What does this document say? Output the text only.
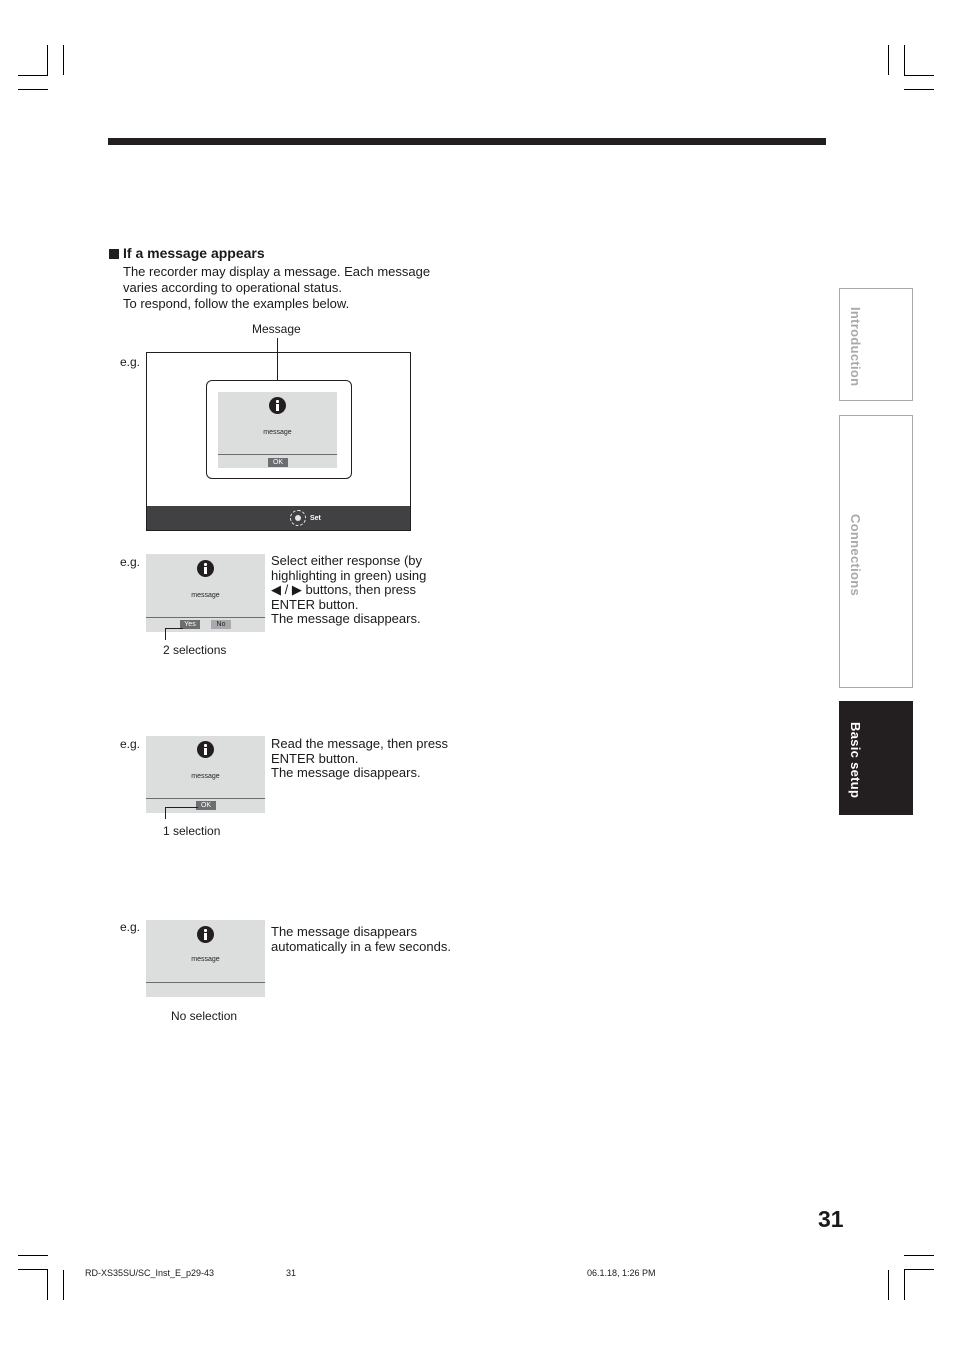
If a message appears
The recorder may display a message. Each message
varies according to operational status.
To respond, follow the examples below.
Message
e.g.
Set
message
OK
e.g.
message
Yes	No
2 selections
Select either response (by
highlighting in green) using
◀ / ▶ buttons, then press
ENTER button.
The message disappears.
e.g.
message
OK
1 selection
Read the message, then press
ENTER button.
The message disappears.
e.g.
message
No selection
The message disappears
automatically in a few seconds.
Introduction
Connections
Basic setup
31
RD-XS35SU/SC_Inst_E_p29-43	31	06.1.18, 1:26 PM
